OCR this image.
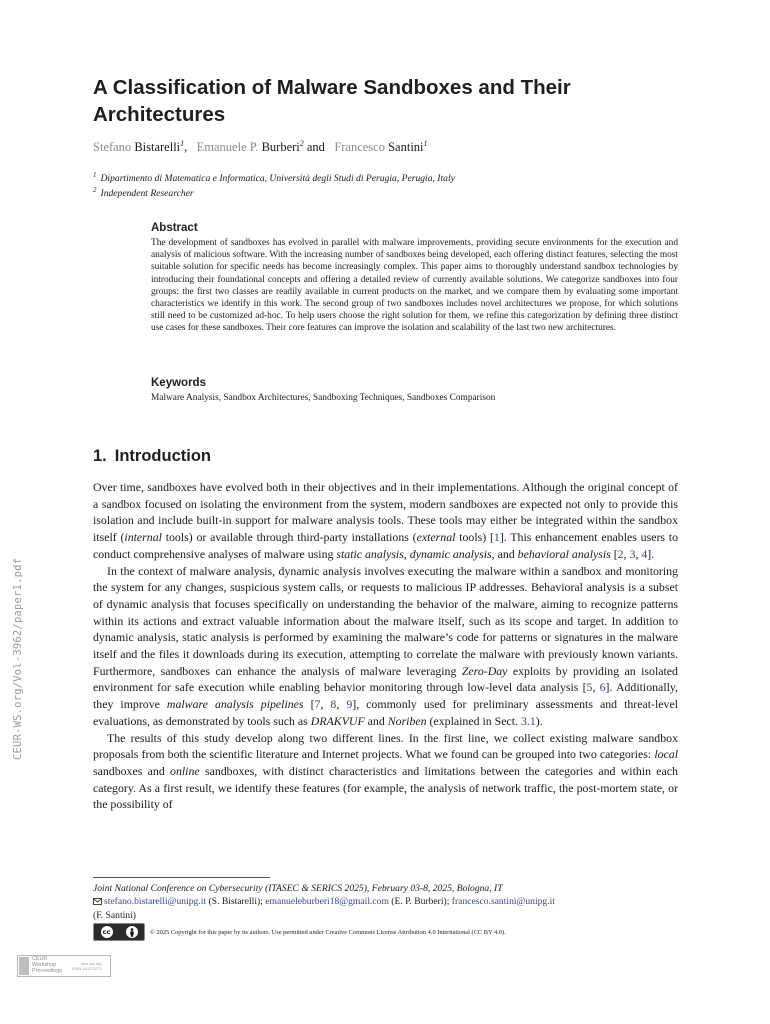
CEUR-WS.org/Vol-3962/paper1.pdf
A Classification of Malware Sandboxes and Their Architectures
Stefano Bistarelli$^1$, Emanuele P. Burberi$^2$ and Francesco Santini$^1$
$^1$ Dipartimento di Matematica e Informatica, Università degli Studi di Perugia, Perugia, Italy
$^2$ Independent Researcher
Abstract

The development of sandboxes has evolved in parallel with malware improvements, providing secure environments for the execution and analysis of malicious software. With the increasing number of sandboxes being developed, each offering distinct features, selecting the most suitable solution for specific needs has become increasingly complex. This paper aims to thoroughly understand sandbox technologies by introducing their foundational concepts and offering a detailed review of currently available solutions. We categorize sandboxes into four groups: the first two classes are readily available in current products on the market, and we compare them by evaluating some important characteristics we identify in this work. The second group of two sandboxes includes novel architectures we propose, for which solutions still need to be customized ad-hoc. To help users choose the right solution for them, we refine this categorization by defining three distinct use cases for these sandboxes. Their core features can improve the isolation and scalability of the last two new architectures.

Keywords

Malware Analysis, Sandbox Architectures, Sandboxing Techniques, Sandboxes Comparison

1. Introduction

Over time, sandboxes have evolved both in their objectives and in their implementations. Although the original concept of a sandbox focused on isolating the environment from the system, modern sandboxes are expected not only to provide this isolation and include built-in support for malware analysis tools. These tools may either be integrated within the sandbox itself (internal tools) or available through third-party installations (external tools) [1]. This enhancement enables users to conduct comprehensive analyses of malware using static analysis, dynamic analysis, and behavioral analysis [2, 3, 4].

In the context of malware analysis, dynamic analysis involves executing the malware within a sandbox and monitoring the system for any changes, suspicious system calls, or requests to malicious IP addresses. Behavioral analysis is a subset of dynamic analysis that focuses specifically on understanding the behavior of the malware, aiming to recognize patterns within its actions and extract valuable information about the malware itself, such as its scope and target. In addition to dynamic analysis, static analysis is performed by examining the malware’s code for patterns or signatures in the malware itself and the files it downloads during its execution, attempting to correlate the malware with previously known variants. Furthermore, sandboxes can enhance the analysis of malware leveraging Zero-Day exploits by providing an isolated environment for safe execution while enabling behavior monitoring through low-level data analysis [5, 6]. Additionally, they improve malware analysis pipelines [7, 8, 9], commonly used for preliminary assessments and threat-level evaluations, as demonstrated by tools such as DRAKVUF and Noriben (explained in Sect. 3.1).

The results of this study develop along two different lines. In the first line, we collect existing malware sandbox proposals from both the scientific literature and Internet projects. What we found can be grouped into two categories: local sandboxes and online sandboxes, with distinct characteristics and limitations between the categories and within each category. As a first result, we identify these features (for example, the analysis of network traffic, the post-mortem state, or the possibility of

Joint National Conference on Cybersecurity (ITASEC & SERICS 2025), February 03-8, 2025, Bologna, IT
stefano.bistarelli@unipg.it (S. Bistarelli); emanueleburberi18@gmail.com (E. P. Burberi); francesco.santini@unipg.it
(F. Santini)
cc	© 2025 Copyright for this paper by its authors. Use permitted under Creative Commons License Attribution 4.0 International (CC BY 4.0).
CEUR
Workshop
Proceedings
ceur-ws.org
ISSN 1613-0073
